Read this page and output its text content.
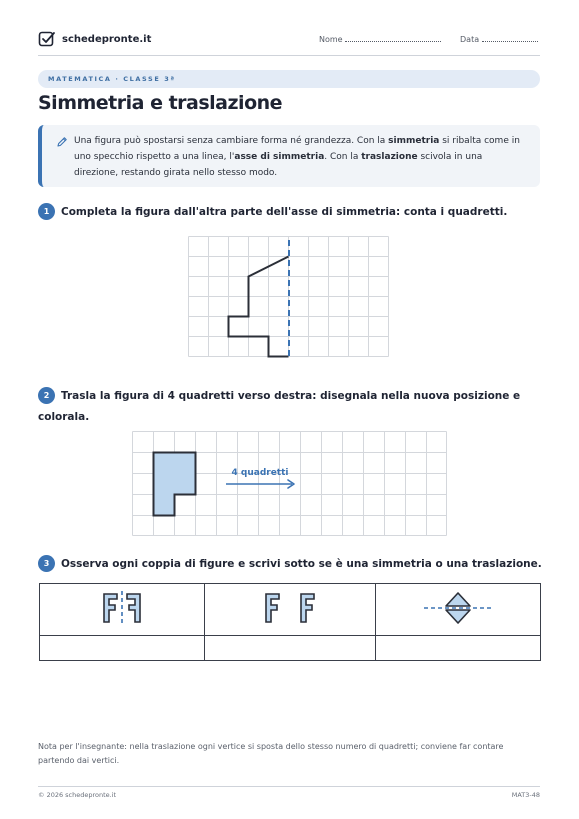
schedepronte.it	Nome	Data
MATEMATICA · CLASSE 3ª
Simmetria e traslazione
Una figura può spostarsi senza cambiare forma né grandezza. Con la simmetria si ribalta come in uno specchio rispetto a una linea, l'asse di simmetria. Con la traslazione scivola in una direzione, restando girata nello stesso modo.
1 Completa la figura dall'altra parte dell'asse di simmetria: conta i quadretti.
2 Trasla la figura di 4 quadretti verso destra: disegnala nella nuova posizione e colorala.
4 quadretti
3 Osserva ogni coppia di figure e scrivi sotto se è una simmetria o una traslazione.

Nota per l'insegnante: nella traslazione ogni vertice si sposta dello stesso numero di quadretti; conviene far contare partendo dai vertici.
© 2026 schedepronte.it	MAT3-48
